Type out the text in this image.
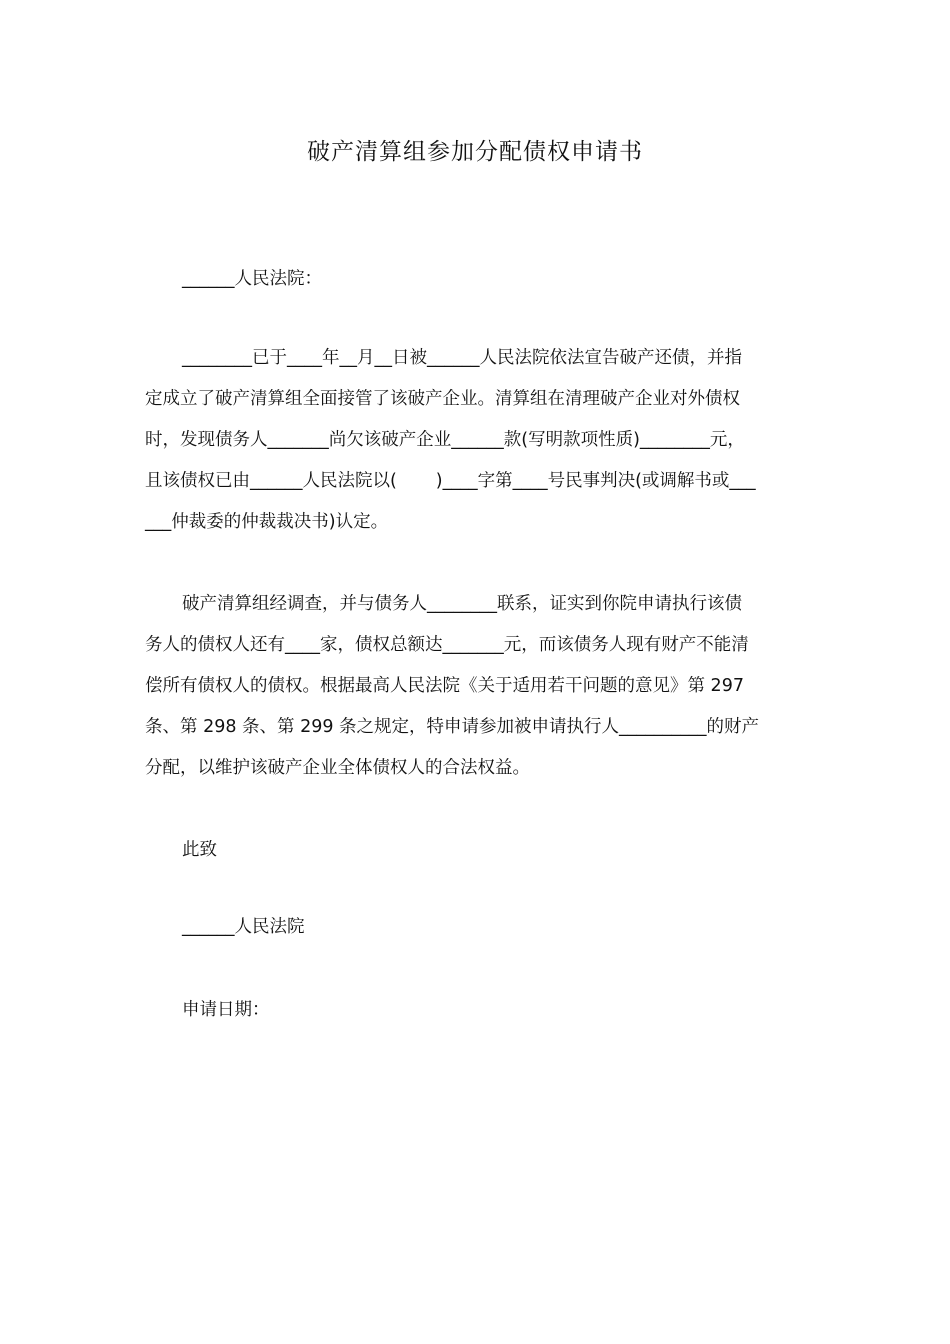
破产清算组参加分配债权申请书
______人民法院：
________已于____年__月__日被______人民法院依法宣告破产还债，并指
定成立了破产清算组全面接管了该破产企业。清算组在清理破产企业对外债权
时，发现债务人_______尚欠该破产企业______款(写明款项性质)________元，
且该债权已由______人民法院以(       )____字第____号民事判决(或调解书或___
___仲裁委的仲裁裁决书)认定。
破产清算组经调查，并与债务人________联系，证实到你院申请执行该债
务人的债权人还有____家，债权总额达_______元，而该债务人现有财产不能清
偿所有债权人的债权。根据最高人民法院《关于适用若干问题的意见》第 297
条、第 298 条、第 299 条之规定，特申请参加被申请执行人__________的财产
分配，以维护该破产企业全体债权人的合法权益。
此致
______人民法院
申请日期：
